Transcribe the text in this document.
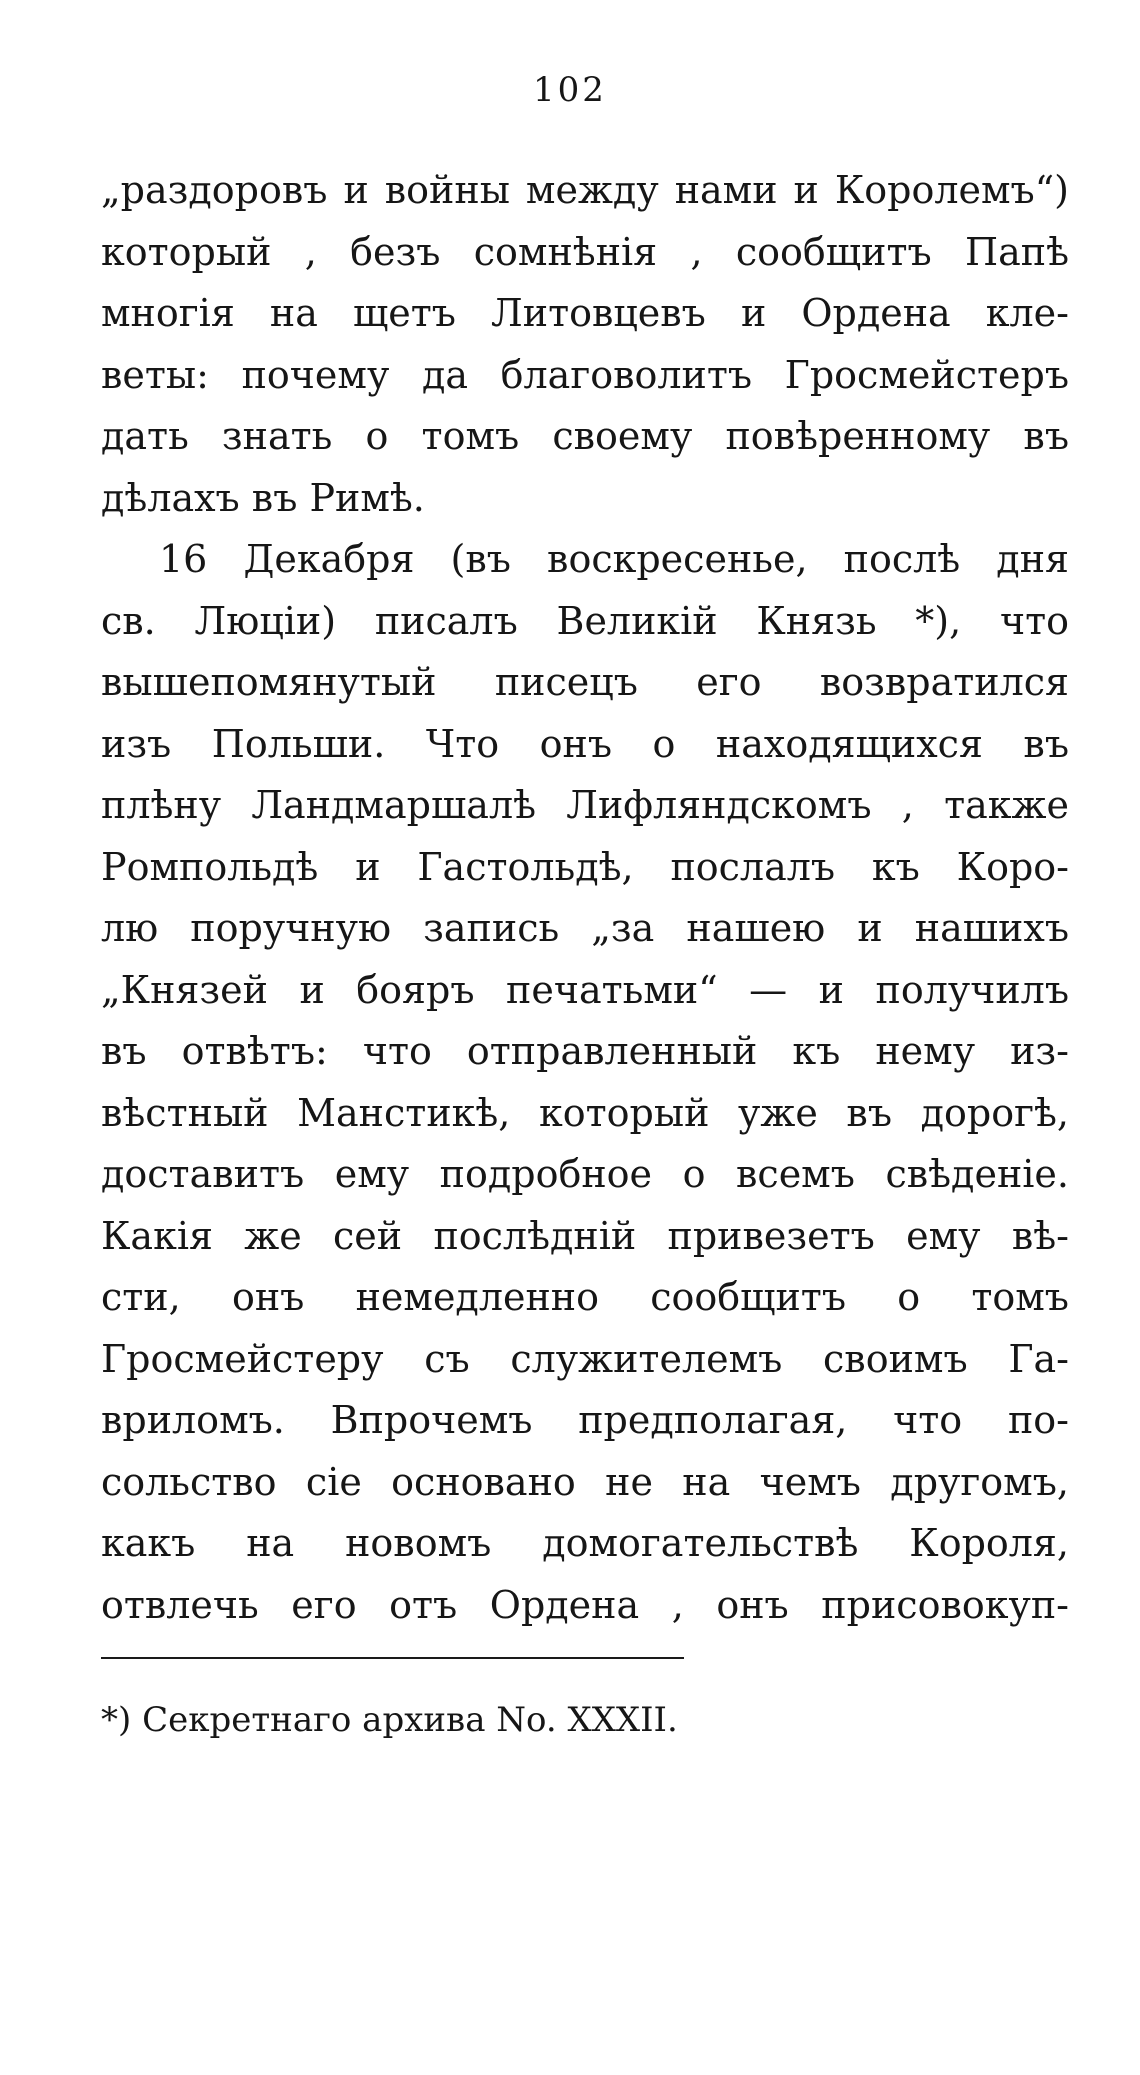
102
„раздоровъ и войны между нами и Королемъ“)
который , безъ сомнѣнія , сообщитъ Папѣ
многія на щетъ Литовцевъ и Ордена кле-
веты: почему да благоволитъ Гросмейстеръ
дать знать о томъ своему повѣренному въ
дѣлахъ въ Римѣ.
16 Декабря (въ воскресенье, послѣ дня
св. Люціи) писалъ Великій Князь *), что
вышепомянутый писецъ его возвратился
изъ Польши. Что онъ о находящихся въ
плѣну Ландмаршалѣ Лифляндскомъ , также
Ромпольдѣ и Гастольдѣ, послалъ къ Коро-
лю поручную запись „за нашею и нашихъ
„Князей и бояръ печатьми“ — и получилъ
въ отвѣтъ: что отправленный къ нему из-
вѣстный Манстикѣ, который уже въ дорогѣ,
доставитъ ему подробное о всемъ свѣденіе.
Какія же сей послѣдній привезетъ ему вѣ-
сти, онъ немедленно сообщитъ о томъ
Гросмейстеру съ служителемъ своимъ Га-
вриломъ. Впрочемъ предполагая, что по-
сольство сіе основано не на чемъ другомъ,
какъ на новомъ домогательствѣ Короля,
отвлечь его отъ Ордена , онъ присовокуп-
*) Секретнаго архива No. XXXII.
